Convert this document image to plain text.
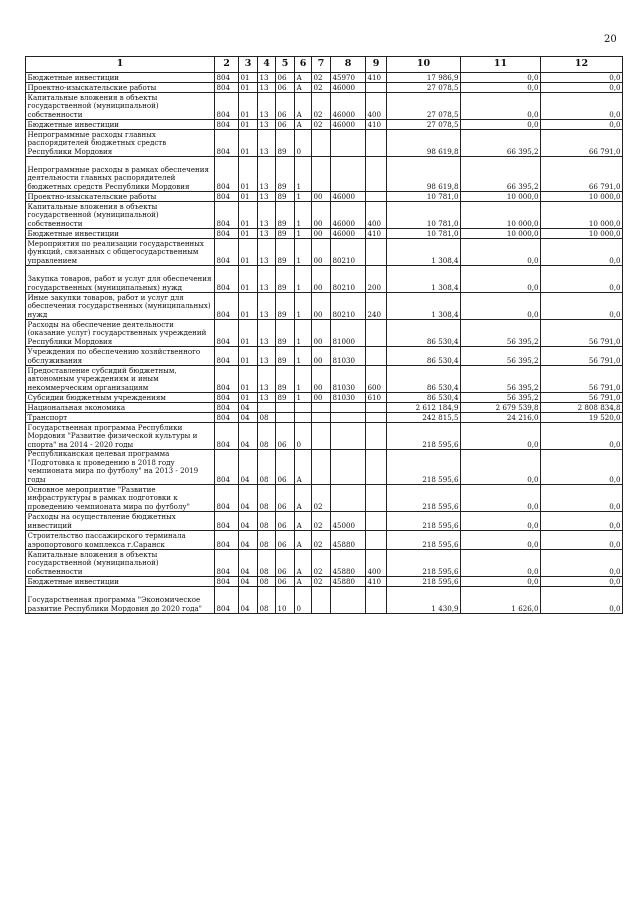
20
1	2	3	4	5	6	7	8	9	10	11	12
Бюджетные инвестиции	804	01	13	06	А	02	45970	410	17 986,9	0,0	0,0
Проектно-изыскательские работы	804	01	13	06	А	02	46000		27 078,5	0,0	0,0
Капитальные вложения в объекты государственной (муниципальной) собственности	804	01	13	06	А	02	46000	400	27 078,5	0,0	0,0
Бюджетные инвестиции	804	01	13	06	А	02	46000	410	27 078,5	0,0	0,0
Непрограммные расходы главных распорядителей бюджетных средств Республики Мордовия	804	01	13	89	0				98 619,8	66 395,2	66 791,0
Непрограммные расходы в рамках обеспечения деятельности главных распорядителей бюджетных средств Республики Мордовия	804	01	13	89	1				98 619,8	66 395,2	66 791,0
Проектно-изыскательские работы	804	01	13	89	1	00	46000		10 781,0	10 000,0	10 000,0
Капитальные вложения в объекты государственной (муниципальной) собственности	804	01	13	89	1	00	46000	400	10 781,0	10 000,0	10 000,0
Бюджетные инвестиции	804	01	13	89	1	00	46000	410	10 781,0	10 000,0	10 000,0
Мероприятия по реализации государственных функций, связанных с общегосударственным управлением	804	01	13	89	1	00	80210		1 308,4	0,0	0,0
Закупка товаров, работ и услуг для обеспечения государственных (муниципальных) нужд	804	01	13	89	1	00	80210	200	1 308,4	0,0	0,0
Иные закупки товаров, работ и услуг для обеспечения государственных (муниципальных) нужд	804	01	13	89	1	00	80210	240	1 308,4	0,0	0,0
Расходы на обеспечение деятельности (оказание услуг) государственных учреждений Республики Мордовия	804	01	13	89	1	00	81000		86 530,4	56 395,2	56 791,0
Учреждения по обеспечению хозяйственного обслуживания	804	01	13	89	1	00	81030		86 530,4	56 395,2	56 791,0
Предоставление субсидий бюджетным, автономным учреждениям и иным некоммерческим организациям	804	01	13	89	1	00	81030	600	86 530,4	56 395,2	56 791,0
Субсидии бюджетным учреждениям	804	01	13	89	1	00	81030	610	86 530,4	56 395,2	56 791,0
Национальная экономика	804	04							2 612 184,9	2 679 539,8	2 808 834,8
Транспорт	804	04	08						242 815,5	24 216,0	19 520,0
Государственная программа Республики Мордовия "Развитие физической культуры и спорта" на 2014 - 2020 годы	804	04	08	06	0				218 595,6	0,0	0,0
Республиканская целевая программа "Подготовка к проведению в 2018 году чемпионата мира по футболу" на 2013 - 2019 годы	804	04	08	06	А				218 595,6	0,0	0,0
Основное мероприятие "Развитие инфраструктуры в рамках подготовки к проведению чемпионата мира по футболу"	804	04	08	06	А	02			218 595,6	0,0	0,0
Расходы на осуществление бюджетных инвестиций	804	04	08	06	А	02	45000		218 595,6	0,0	0,0
Строительство пассажирского терминала аэропортового комплекса г.Саранск	804	04	08	06	А	02	45880		218 595,6	0,0	0,0
Капитальные вложения в объекты государственной (муниципальной) собственности	804	04	08	06	А	02	45880	400	218 595,6	0,0	0,0
Бюджетные инвестиции	804	04	08	06	А	02	45880	410	218 595,6	0,0	0,0
Государственная программа "Экономическое развитие Республики Мордовия до 2020 года"	804	04	08	10	0				1 430,9	1 626,0	0,0
